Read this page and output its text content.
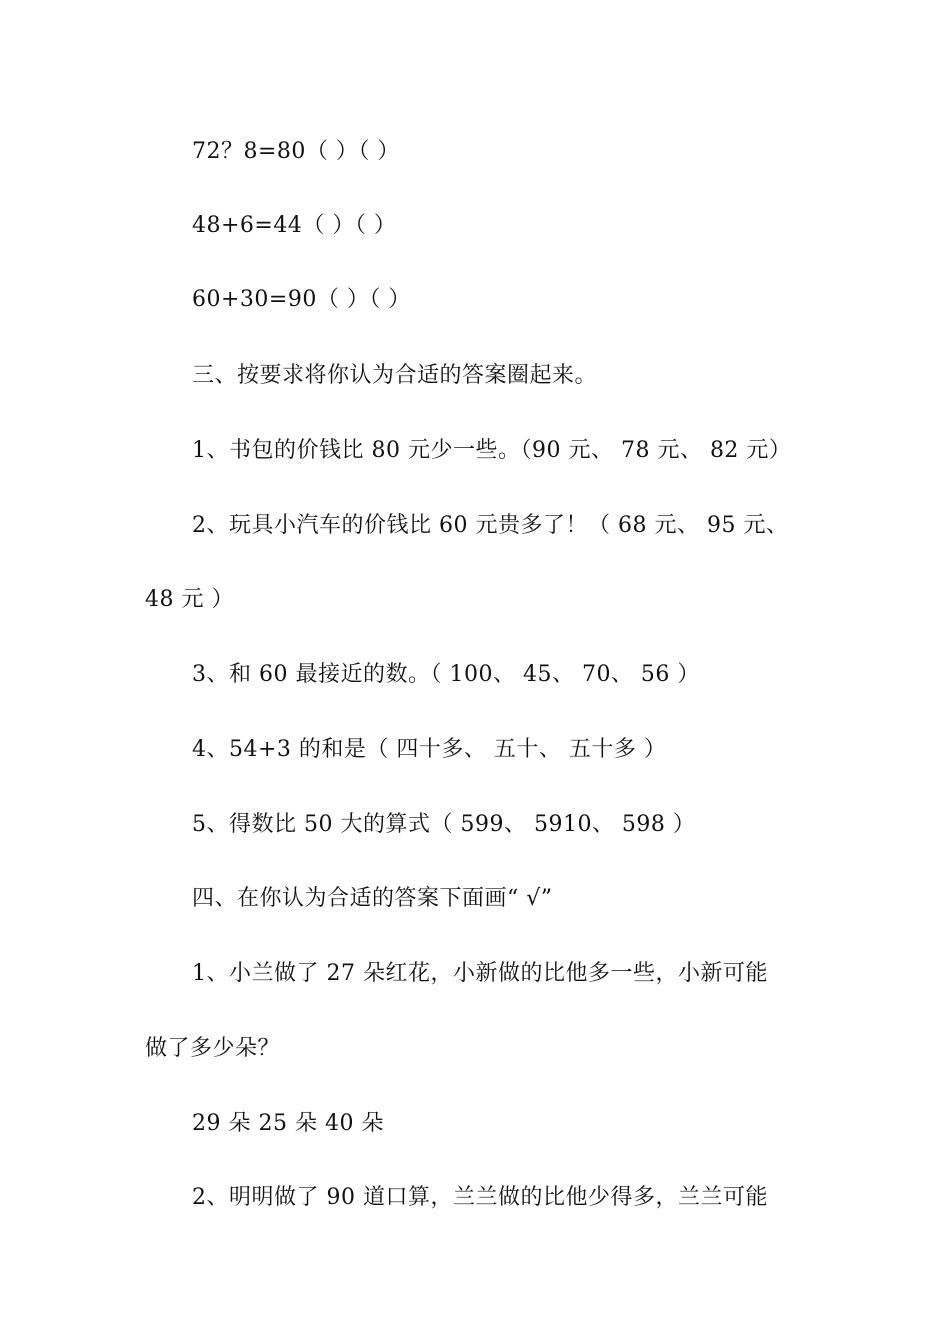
72？8=80（ ）（ ）
48+6=44（ ）（ ）
60+30=90（ ）（ ）
三、按要求将你认为合适的答案圈起来。
1、书包的价钱比 80 元少一些。（90 元、 78 元、 82 元）
2、玩具小汽车的价钱比 60 元贵多了！（ 68 元、 95 元、
48 元 ）
3、和 60 最接近的数。（ 100、 45、 70、 56 ）
4、54+3 的和是（ 四十多、 五十、 五十多 ）
5、得数比 50 大的算式（ 599、 5910、 598 ）
四、在你认为合适的答案下面画“ √”
1、小兰做了 27 朵红花，小新做的比他多一些，小新可能
做了多少朵？
29 朵 25 朵 40 朵
2、明明做了 90 道口算，兰兰做的比他少得多，兰兰可能
